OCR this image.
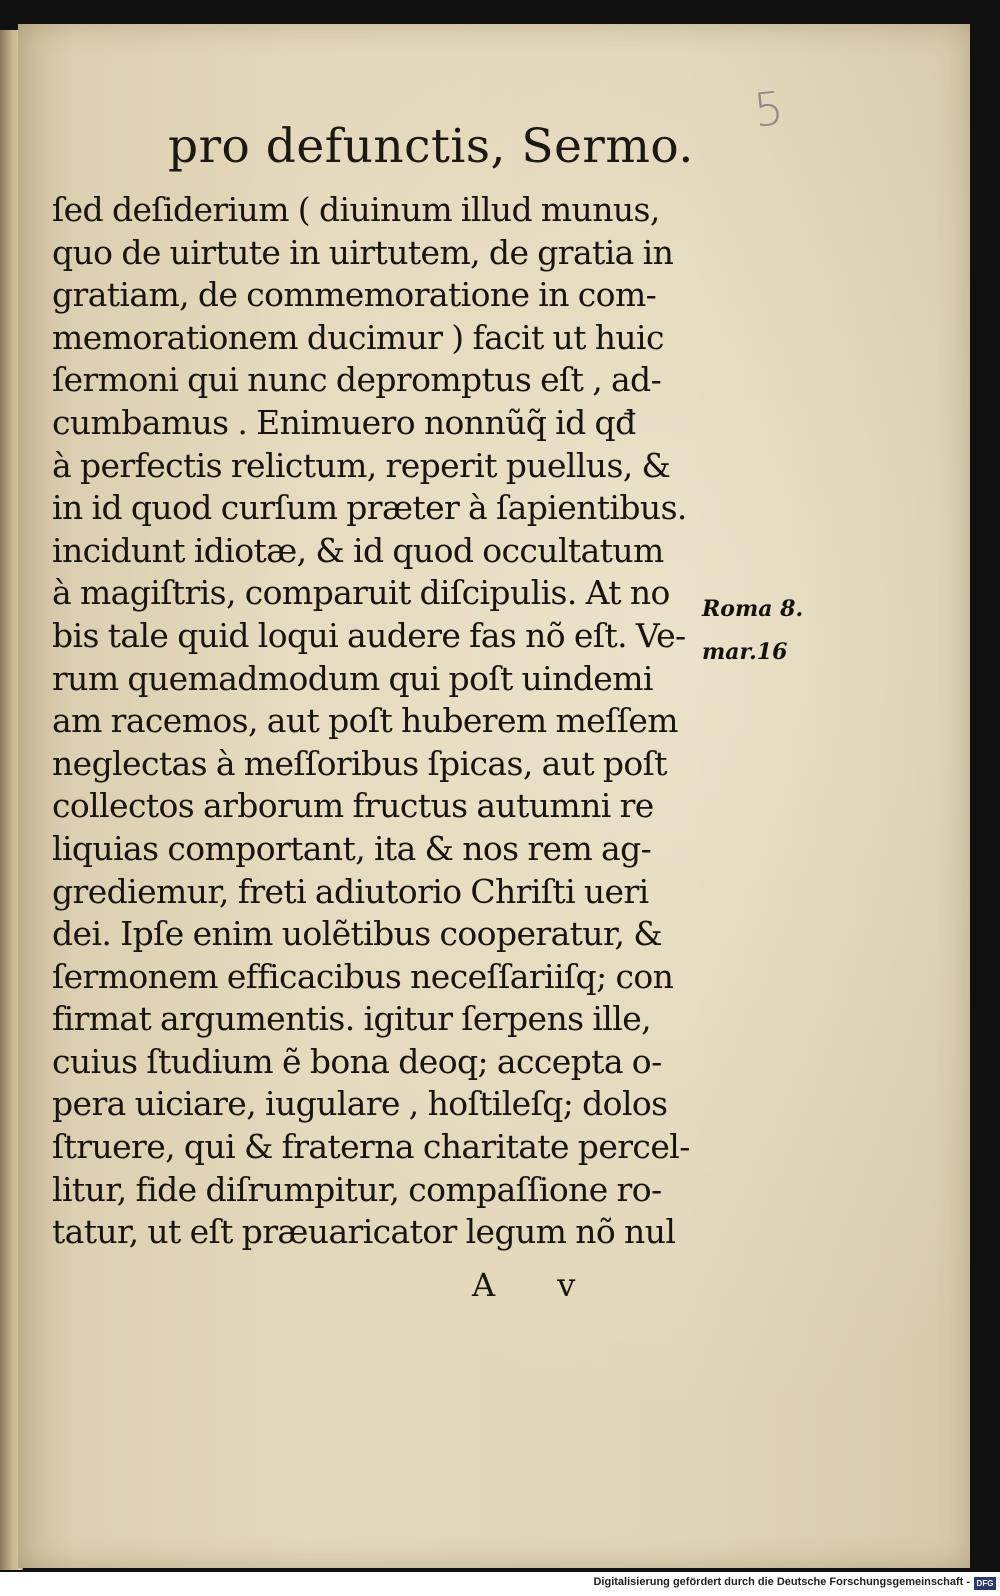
5
pro defunctis, Sermo.
ſed deſiderium ( diuinum illud munus,
quo de uirtute in uirtutem, de gratia in
gratiam, de commemoratione in com-
memorationem ducimur ) facit ut huic
ſermoni qui nunc depromptus eſt , ad-
cumbamus . Enimuero nonnũq̃ id qđ
à perfectis relictum, reperit puellus, &
in id quod curſum præter à ſapientibus.
incidunt idiotæ, & id quod occultatum
à magiſtris, comparuit diſcipulis. At no
bis tale quid loqui audere fas nõ eſt. Ve-
rum quemadmodum qui poſt uindemi
am racemos, aut poſt huberem meſſem
neglectas à meſſoribus ſpicas, aut poſt
collectos arborum fructus autumni re
liquias comportant, ita & nos rem ag-
grediemur, freti adiutorio Chriſti ueri
dei. Ipſe enim uolẽtibus cooperatur, &
ſermonem efficacibus neceſſariiſq; con
firmat argumentis. igitur ſerpens ille,
cuius ſtudium ẽ bona deoq; accepta o-
pera uiciare, iugulare , hoſtileſq; dolos
ſtruere, qui & fraterna charitate percel-
litur, fide diſrumpitur, compaſſione ro-
tatur, ut eſt præuaricator legum nõ nul
Roma 8.
mar.16
A v
Digitalisierung gefördert durch die Deutsche Forschungsgemeinschaft - DFG
